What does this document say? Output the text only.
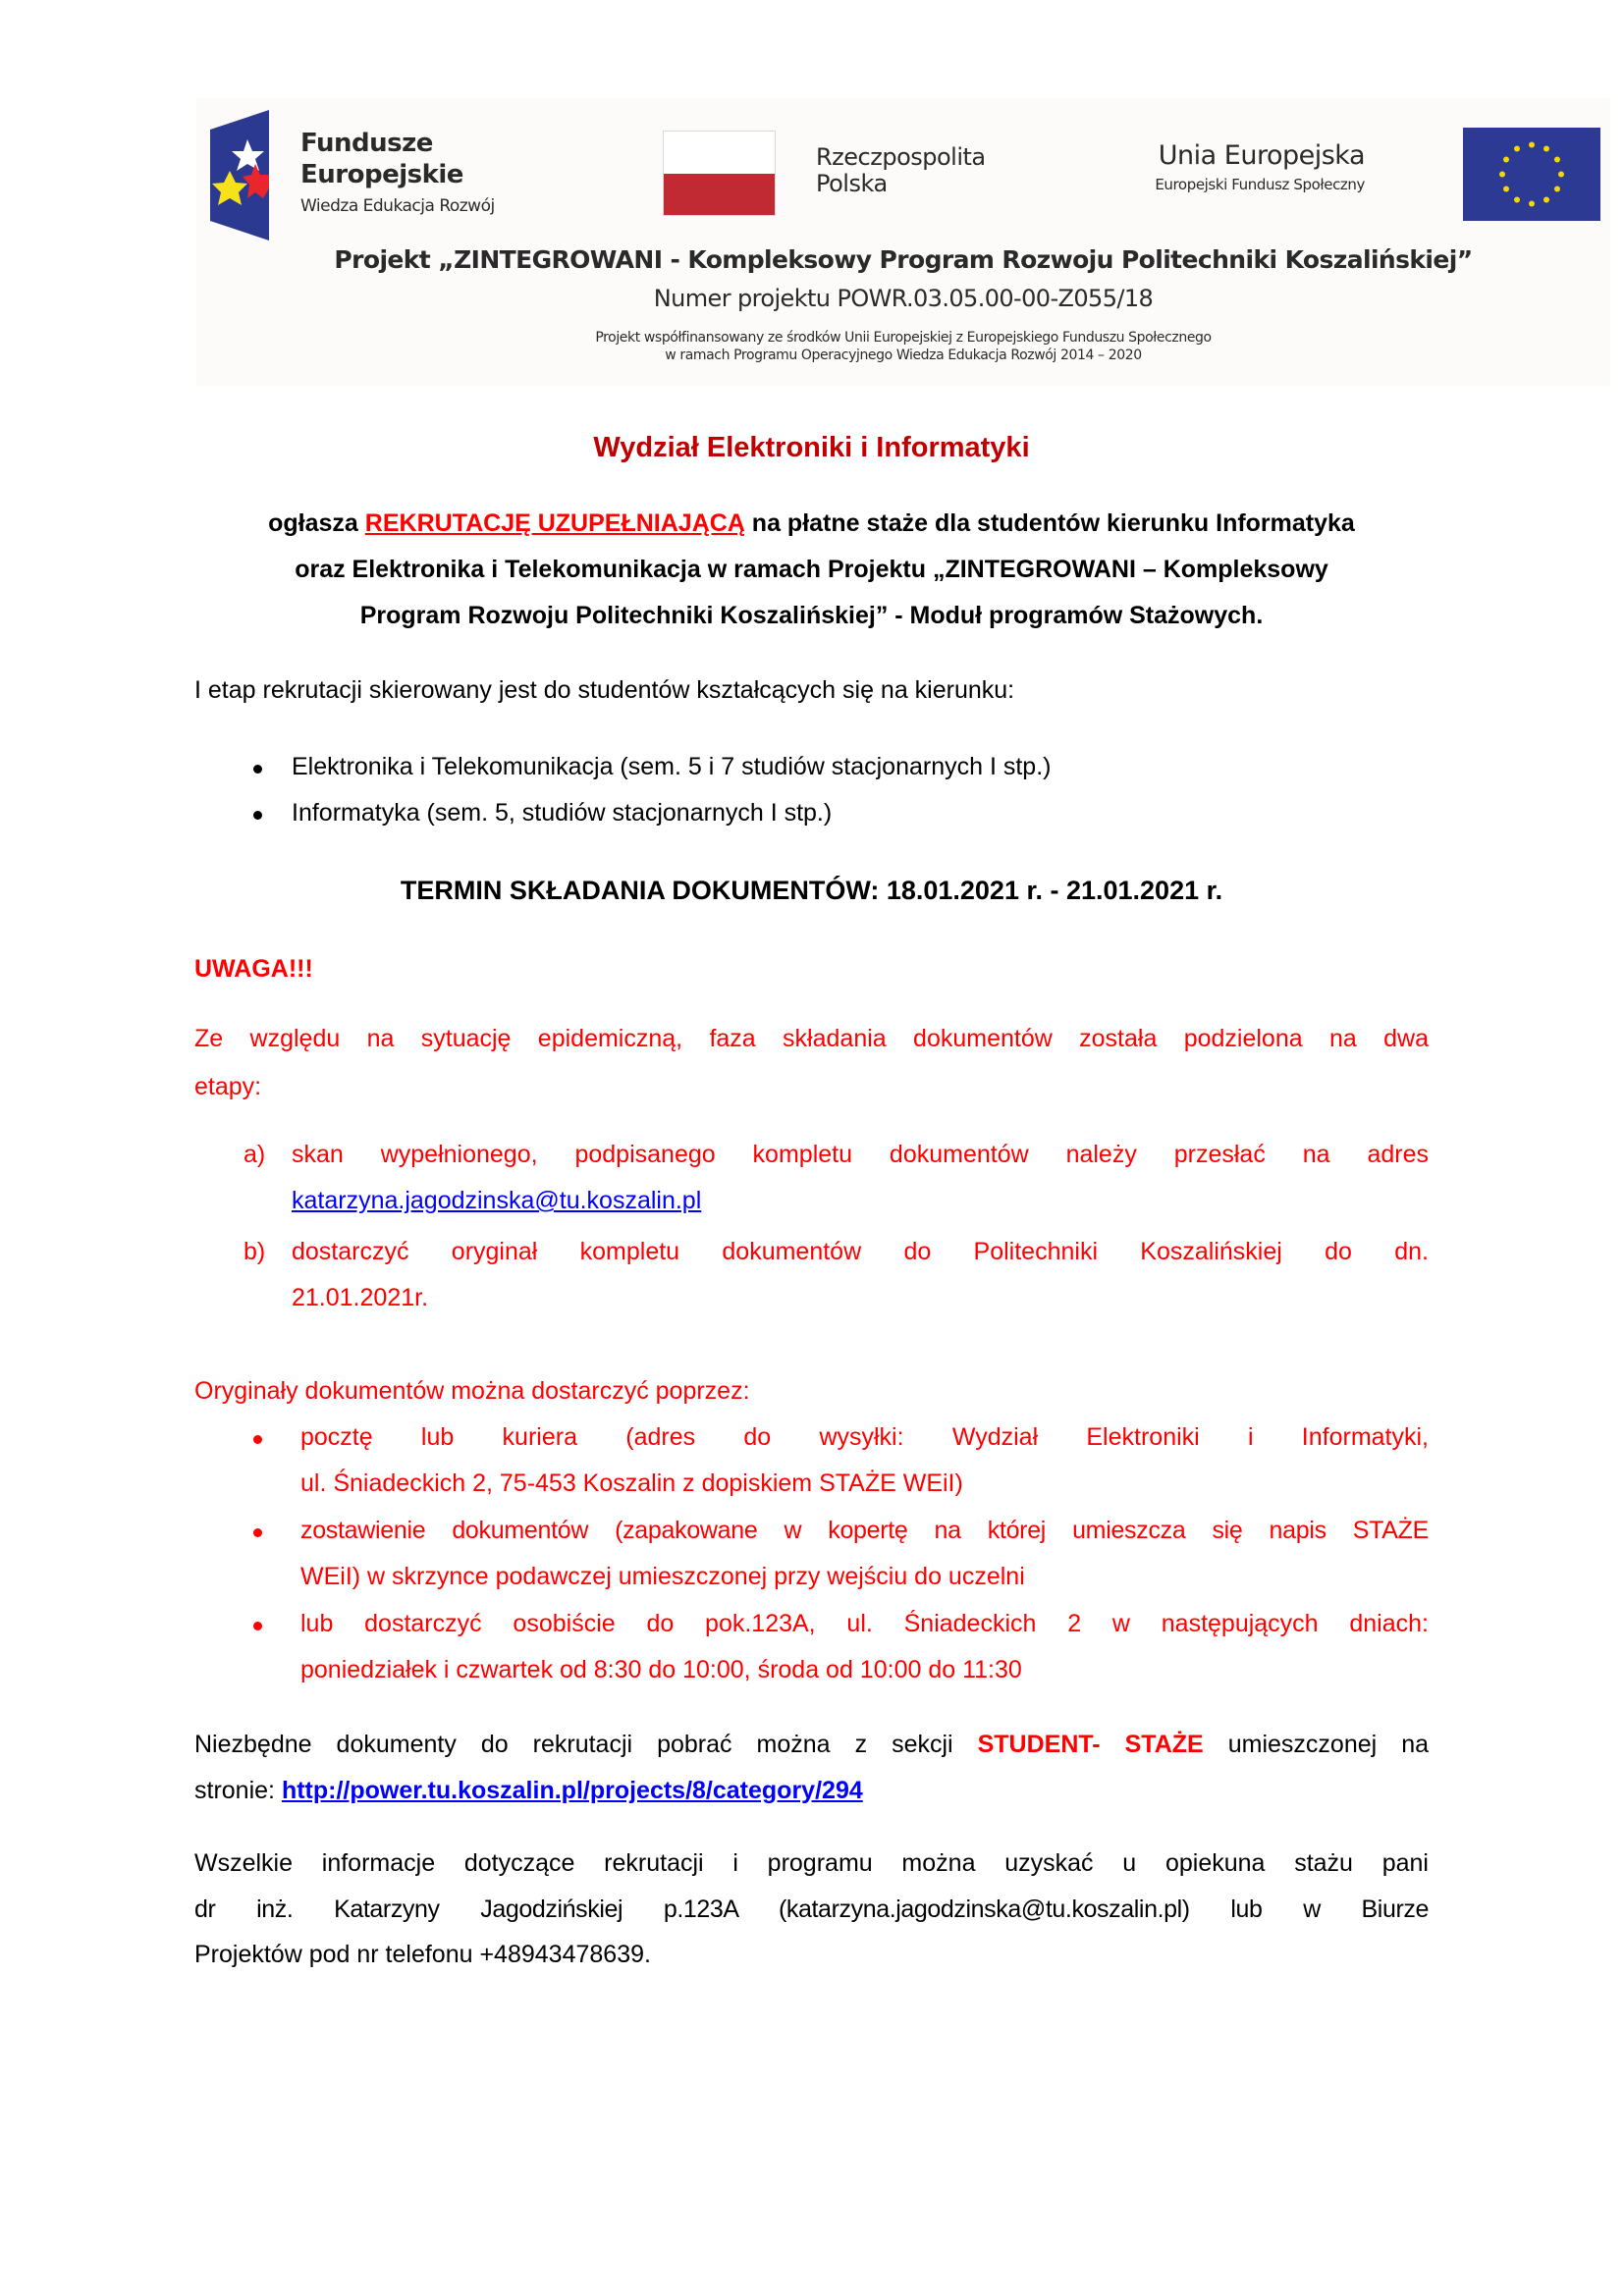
Fundusze
Europejskie
Wiedza Edukacja Rozwój
Rzeczpospolita
Polska
Unia Europejska
Europejski Fundusz Społeczny
Projekt „ZINTEGROWANI - Kompleksowy Program Rozwoju Politechniki Koszalińskiej”
Numer projektu POWR.03.05.00-00-Z055/18
Projekt współfinansowany ze środków Unii Europejskiej z Europejskiego Funduszu Społecznego
w ramach Programu Operacyjnego Wiedza Edukacja Rozwój 2014 – 2020
Wydział Elektroniki i Informatyki
ogłasza REKRUTACJĘ UZUPEŁNIAJĄCĄ na płatne staże dla studentów kierunku Informatyka
oraz Elektronika i Telekomunikacja w ramach Projektu „ZINTEGROWANI – Kompleksowy
Program Rozwoju Politechniki Koszalińskiej” - Moduł programów Stażowych.
I etap rekrutacji skierowany jest do studentów kształcących się na kierunku:
Elektronika i Telekomunikacja (sem. 5 i 7 studiów stacjonarnych I stp.)
Informatyka (sem. 5, studiów stacjonarnych I stp.)
TERMIN SKŁADANIA DOKUMENTÓW: 18.01.2021 r. - 21.01.2021 r.
UWAGA!!!
Ze względu na sytuację epidemiczną, faza składania dokumentów została podzielona na dwa
etapy:
a) skan wypełnionego, podpisanego kompletu dokumentów należy przesłać na adres
katarzyna.jagodzinska@tu.koszalin.pl
b) dostarczyć oryginał kompletu dokumentów do Politechniki Koszalińskiej do dn.
21.01.2021r.
Oryginały dokumentów można dostarczyć poprzez:
pocztę lub kuriera (adres do wysyłki: Wydział Elektroniki i Informatyki,
ul. Śniadeckich 2, 75-453 Koszalin z dopiskiem STAŻE WEiI)
zostawienie dokumentów (zapakowane w kopertę na której umieszcza się napis STAŻE
WEiI) w skrzynce podawczej umieszczonej przy wejściu do uczelni
lub dostarczyć osobiście do pok.123A, ul. Śniadeckich 2 w następujących dniach:
poniedziałek i czwartek od 8:30 do 10:00, środa od 10:00 do 11:30
Niezbędne dokumenty do rekrutacji pobrać można z sekcji STUDENT- STAŻE umieszczonej na
stronie: http://power.tu.koszalin.pl/projects/8/category/294
Wszelkie informacje dotyczące rekrutacji i programu można uzyskać u opiekuna stażu pani
dr inż. Katarzyny Jagodzińskiej p.123A (katarzyna.jagodzinska@tu.koszalin.pl) lub w Biurze
Projektów pod nr telefonu +48943478639.
